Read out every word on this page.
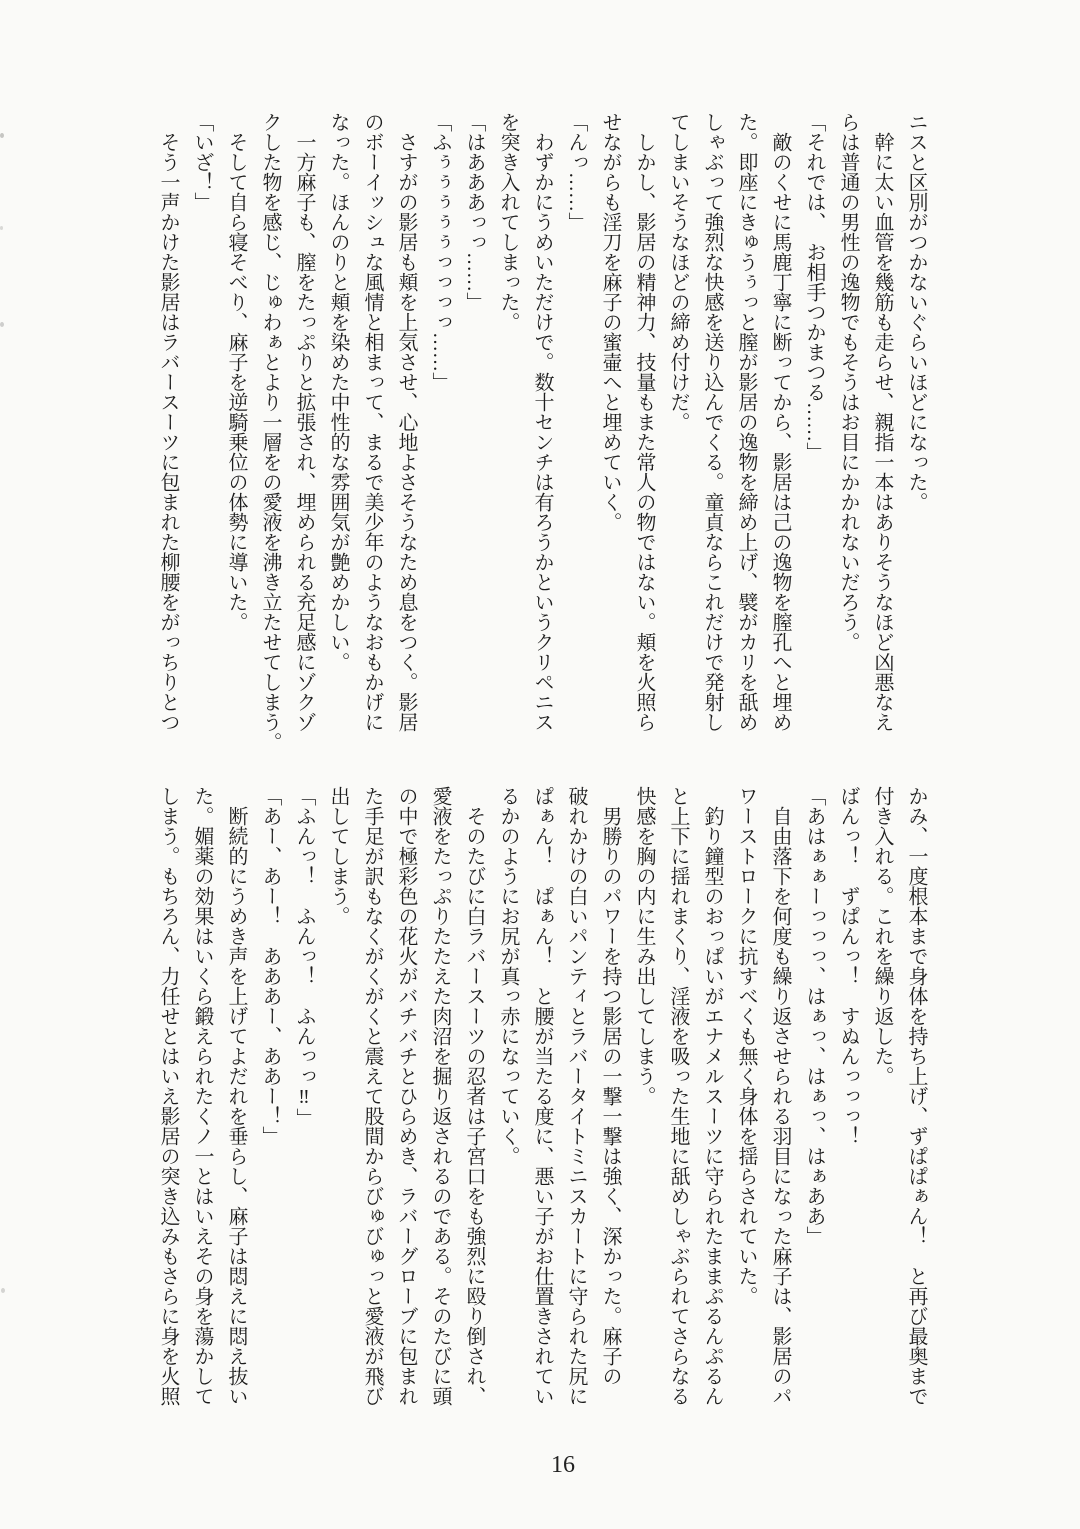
ニスと区別がつかないぐらいほどになった。
　幹に太い血管を幾筋も走らせ、親指一本はありそうなほど凶悪なえ
らは普通の男性の逸物でもそうはお目にかかれないだろう。
「それでは、　お相手つかまつる……」
　敵のくせに馬鹿丁寧に断ってから、影居は己の逸物を膣孔へと埋め
た。即座にきゅうぅっと膣が影居の逸物を締め上げ、襞がカリを舐め
しゃぶって強烈な快感を送り込んでくる。童貞ならこれだけで発射し
てしまいそうなほどの締め付けだ。
　しかし、影居の精神力、技量もまた常人の物ではない。頬を火照ら
せながらも淫刀を麻子の蜜壷へと埋めていく。
「んっ……」
　わずかにうめいただけで。数十センチは有ろうかというクリペニス
を突き入れてしまった。
「はあああっっ……」
「ふぅぅぅぅぅっっっっ……」
　さすがの影居も頬を上気させ、心地よさそうなため息をつく。影居
のボーイッシュな風情と相まって、まるで美少年のようなおもかげに
なった。ほんのりと頬を染めた中性的な雰囲気が艶めかしい。
　一方麻子も、膣をたっぷりと拡張され、埋められる充足感にゾクゾ
クした物を感じ、じゅわぁとより一層をの愛液を沸き立たせてしまう。
　そして自ら寝そべり、麻子を逆騎乗位の体勢に導いた。
「いざ！」
　そう一声かけた影居はラバースーツに包まれた柳腰をがっちりとつ
かみ、一度根本まで身体を持ち上げ、ずぱぱぁん！　と再び最奥まで
付き入れる。これを繰り返した。
ばんっ！　ずぱんっ！　すぬんっっっ！
「あはぁぁーっっっ、はぁっ、はぁっ、はぁああ」
　自由落下を何度も繰り返させられる羽目になった麻子は、影居のパ
ワーストロークに抗すべくも無く身体を揺らされていた。
　釣り鐘型のおっぱいがエナメルスーツに守られたままぷるんぷるん
と上下に揺れまくり、淫液を吸った生地に舐めしゃぶられてさらなる
快感を胸の内に生み出してしまう。
　男勝りのパワーを持つ影居の一撃一撃は強く、深かった。麻子の
破れかけの白いパンティとラバータイトミニスカートに守られた尻に
ぱぁん！　ぱぁん！　と腰が当たる度に、悪い子がお仕置きされてい
るかのようにお尻が真っ赤になっていく。
　そのたびに白ラバースーツの忍者は子宮口をも強烈に殴り倒され、
愛液をたっぷりたたえた肉沼を掘り返されるのである。そのたびに頭
の中で極彩色の花火がバチバチとひらめき、ラバーグローブに包まれ
た手足が訳もなくがくがくと震えて股間からびゅびゅっと愛液が飛び
出してしまう。
「ふんっ！　ふんっ！　ふんっっ‼」
「あー、あー！　あああー、ああー！」
　断続的にうめき声を上げてよだれを垂らし、麻子は悶えに悶え抜い
た。媚薬の効果はいくら鍛えられたくノ一とはいえその身を蕩かして
しまう。もちろん、力任せとはいえ影居の突き込みもさらに身を火照
16
